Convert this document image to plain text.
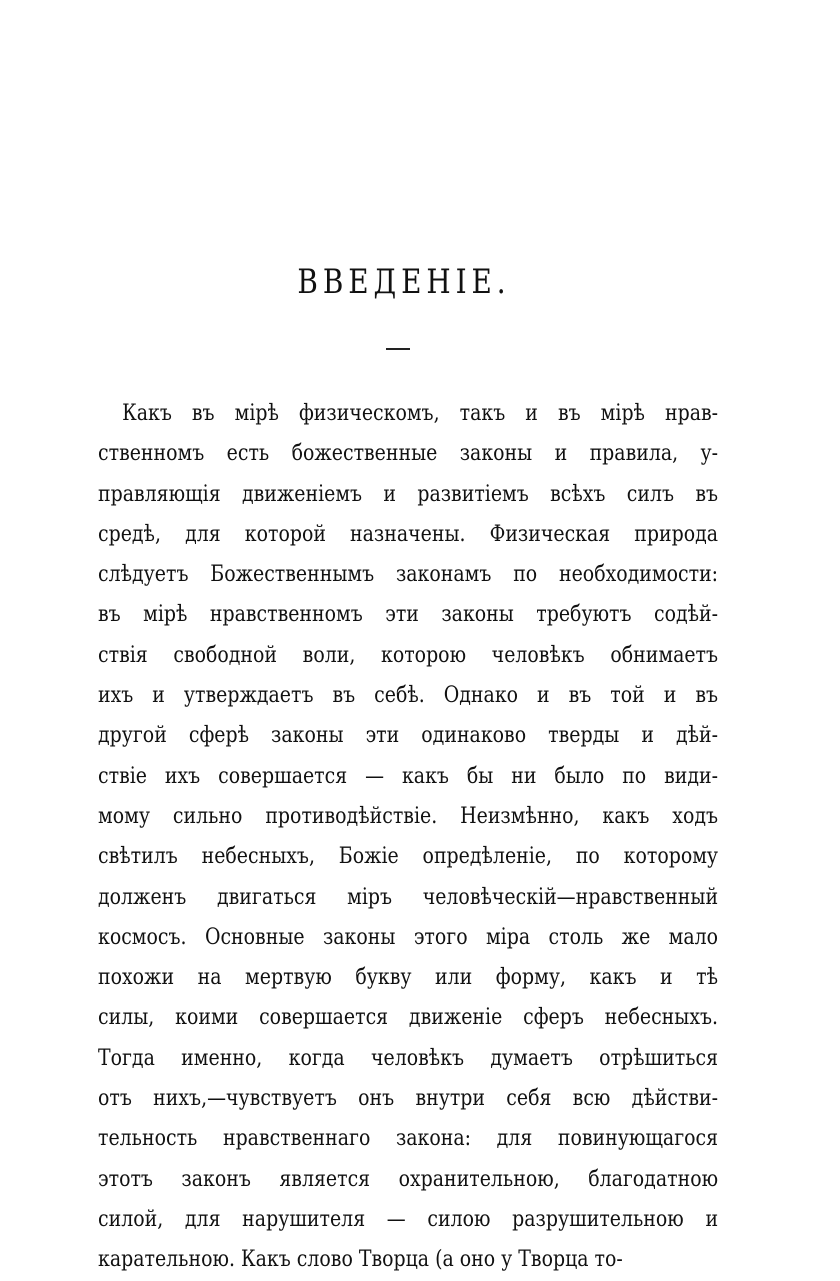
ВВЕДЕНІЕ.
Какъ въ мірѣ физическомъ, такъ и въ мірѣ нрав-
ственномъ есть божественные законы и правила, у-
правляющія движеніемъ и развитіемъ всѣхъ силъ въ
средѣ, для которой назначены. Физическая природа
слѣдуетъ Божественнымъ законамъ по необходимости:
въ мірѣ нравственномъ эти законы требуютъ содѣй-
ствія свободной воли, которою человѣкъ обнимаетъ
ихъ и утверждаетъ въ себѣ. Однако и въ той и въ
другой сферѣ законы эти одинаково тверды и дѣй-
ствіе ихъ совершается — какъ бы ни было по види-
мому сильно противодѣйствіе. Неизмѣнно, какъ ходъ
свѣтилъ небесныхъ, Божіе опредѣленіе, по которому
долженъ двигаться міръ человѣческій—нравственный
космосъ. Основные законы этого міра столь же мало
похожи на мертвую букву или форму, какъ и тѣ
силы, коими совершается движеніе сферъ небесныхъ.
Тогда именно, когда человѣкъ думаетъ отрѣшиться
отъ нихъ,—чувствуетъ онъ внутри себя всю дѣйстви-
тельность нравственнаго закона: для повинующагося
этотъ законъ является охранительною, благодатною
силой, для нарушителя — силою разрушительною и
карательною. Какъ слово Творца (а оно у Творца то-
